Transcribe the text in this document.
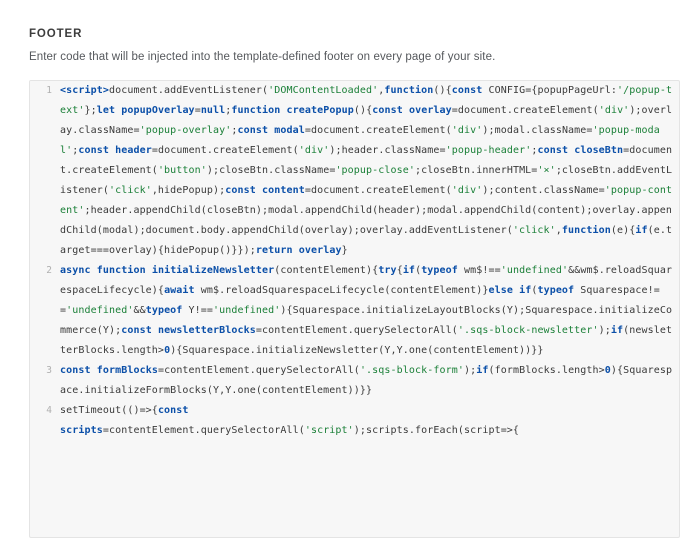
FOOTER
Enter code that will be injected into the template-defined footer on every page of your site.
1 <script>document.addEventListener('DOMContentLoaded',function(){const CONFIG={popupPageUrl:'/popup-text'};let popupOverlay=null;function createPopup(){const overlay=document.createElement('div');overlay.className='popup-overlay';const modal=document.createElement('div');modal.className='popup-modal';const header=document.createElement('div');header.className='popup-header';const closeBtn=document.createElement('button');closeBtn.className='popup-close';closeBtn.innerHTML='×';closeBtn.addEventListener('click',hidePopup);const content=document.createElement('div');content.className='popup-content';header.appendChild(closeBtn);modal.appendChild(header);modal.appendChild(content);overlay.appendChild(modal);document.body.appendChild(overlay);overlay.addEventListener('click',function(e){if(e.target===overlay){hidePopup()}});return overlay}
2 async function initializeNewsletter(contentElement){try{if(typeof wm$!=='undefined'&&wm$.reloadSquarespaceLifecycle){await wm$.reloadSquarespaceLifecycle(contentElement)}else if(typeof Squarespace!=='undefined'&&typeof Y!=='undefined'){Squarespace.initializeLayoutBlocks(Y);Squarespace.initializeCommerce(Y);const newsletterBlocks=contentElement.querySelectorAll('.sqs-block-newsletter');if(newsletterBlocks.length>0){Squarespace.initializeNewsletter(Y,Y.one(contentElement))}}
3 const formBlocks=contentElement.querySelectorAll('.sqs-block-form');if(formBlocks.length>0){Squarespace.initializeFormBlocks(Y,Y.one(contentElement))}}
4 setTimeout(()=>{const
scripts=contentElement.querySelectorAll('script');scripts.forEach(script=>{
